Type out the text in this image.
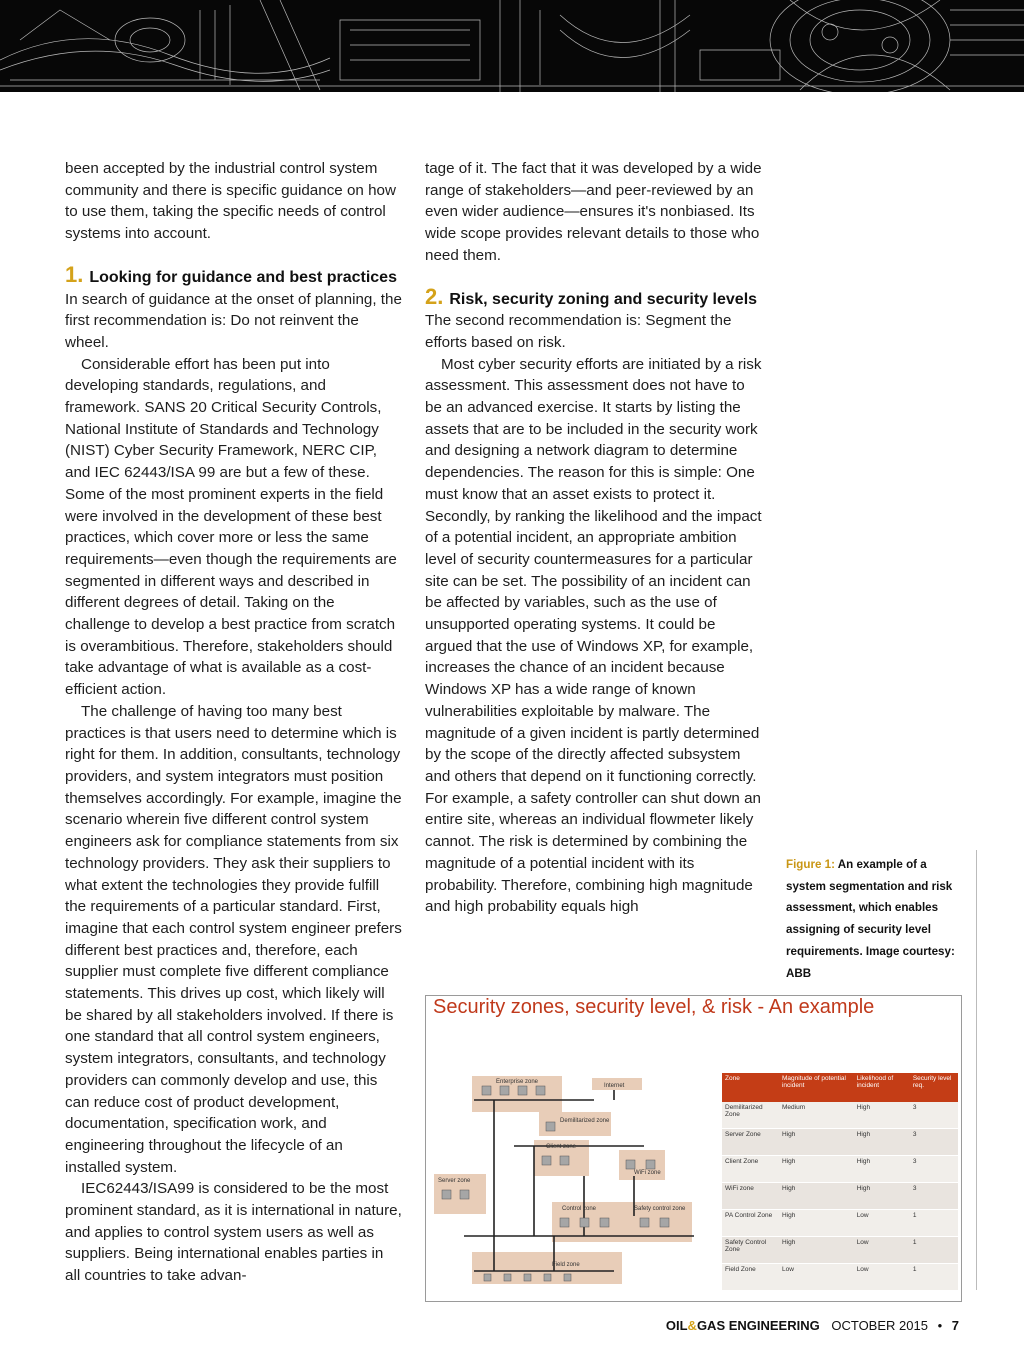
been accepted by the industrial control system community and there is specific guidance on how to use them, taking the specific needs of control systems into account.

1. Looking for guidance and best practices

In search of guidance at the onset of planning, the first recommendation is: Do not reinvent the wheel.

Considerable effort has been put into developing standards, regulations, and framework. SANS 20 Critical Security Controls, National Institute of Standards and Technology (NIST) Cyber Security Framework, NERC CIP, and IEC 62443/ISA 99 are but a few of these. Some of the most prominent experts in the field were involved in the development of these best practices, which cover more or less the same requirements—even though the requirements are segmented in different ways and described in different degrees of detail. Taking on the challenge to develop a best practice from scratch is overambitious. Therefore, stakeholders should take advantage of what is available as a cost-efficient action.

The challenge of having too many best practices is that users need to determine which is right for them. In addition, consultants, technology providers, and system integrators must position themselves accordingly. For example, imagine the scenario wherein five different control system engineers ask for compliance statements from six technology providers. They ask their suppliers to what extent the technologies they provide fulfill the requirements of a particular standard. First, imagine that each control system engineer prefers different best practices and, therefore, each supplier must complete five different compliance statements. This drives up cost, which likely will be shared by all stakeholders involved. If there is one standard that all control system engineers, system integrators, consultants, and technology providers can commonly develop and use, this can reduce cost of product development, documentation, specification work, and engineering throughout the lifecycle of an installed system.

IEC62443/ISA99 is considered to be the most prominent standard, as it is international in nature, and applies to control system users as well as suppliers. Being international enables parties in all countries to take advan-

tage of it. The fact that it was developed by a wide range of stakeholders—and peer-reviewed by an even wider audience—ensures it's nonbiased. Its wide scope provides relevant details to those who need them.

2. Risk, security zoning and security levels

The second recommendation is: Segment the efforts based on risk.

Most cyber security efforts are initiated by a risk assessment. This assessment does not have to be an advanced exercise. It starts by listing the assets that are to be included in the security work and designing a network diagram to determine dependencies. The reason for this is simple: One must know that an asset exists to protect it. Secondly, by ranking the likelihood and the impact of a potential incident, an appropriate ambition level of security countermeasures for a particular site can be set. The possibility of an incident can be affected by variables, such as the use of unsupported operating systems. It could be argued that the use of Windows XP, for example, increases the chance of an incident because Windows XP has a wide range of known vulnerabilities exploitable by malware. The magnitude of a given incident is partly determined by the scope of the directly affected subsystem and others that depend on it functioning correctly. For example, a safety controller can shut down an entire site, whereas an individual flowmeter likely cannot. The risk is determined by combining the magnitude of a potential incident with its probability. Therefore, combining high magnitude and high probability equals high

Figure 1: An example of a system segmentation and risk assessment, which enables assigning of security level requirements. Image courtesy: ABB
Security zones, security level, & risk - An example
Enterprise zone
Internet
Demilitarized zone
Client zone
WiFi zone
Server zone
Control zone	Safety control zone
Field zone
Zone	Magnitude of potential incident	Likelihood of incident	Security level req.
Demilitarized Zone	Medium	High	3
Server Zone	High	High	3
Client Zone	High	High	3
WiFi zone	High	High	3
PA Control Zone	High	Low	1
Safety Control Zone	High	Low	1
Field Zone	Low	Low	1
OIL&GAS ENGINEERING OCTOBER 2015 • 7
